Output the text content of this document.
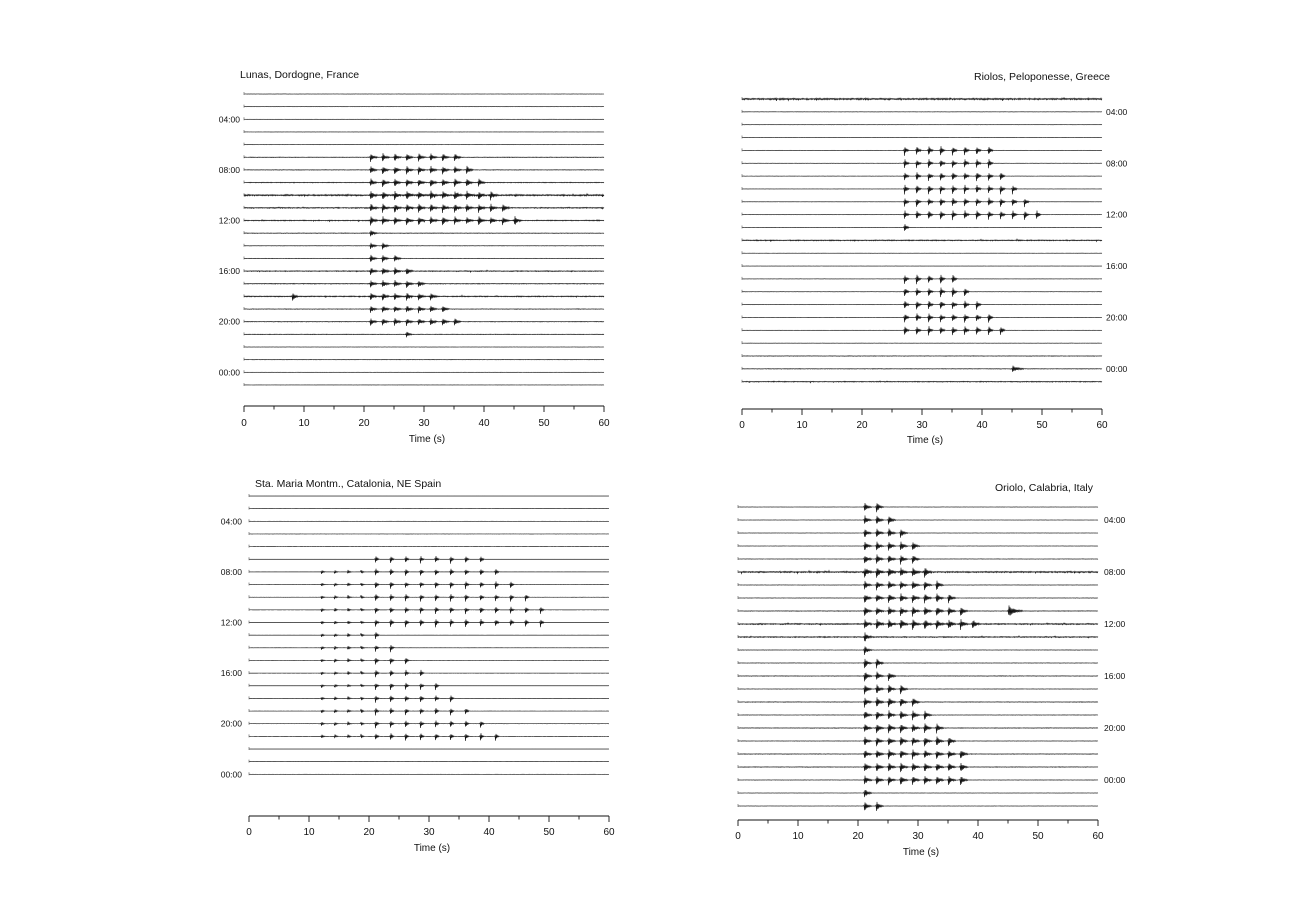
Lunas, Dordogne, France
Time (s)
04:00
08:00
12:00
16:00
20:00
00:00
0	10	20	30	40	50	60
Riolos, Peloponesse, Greece
Time (s)
04:00
08:00
12:00
16:00
20:00
00:00
0	10	20	30	40	50	60
Sta. Maria Montm., Catalonia, NE Spain
Time (s)
04:00
08:00
12:00
16:00
20:00
00:00
0	10	20	30	40	50	60
Oriolo, Calabria, Italy
Time (s)
04:00
08:00
12:00
16:00
20:00
00:00
0	10	20	30	40	50	60
